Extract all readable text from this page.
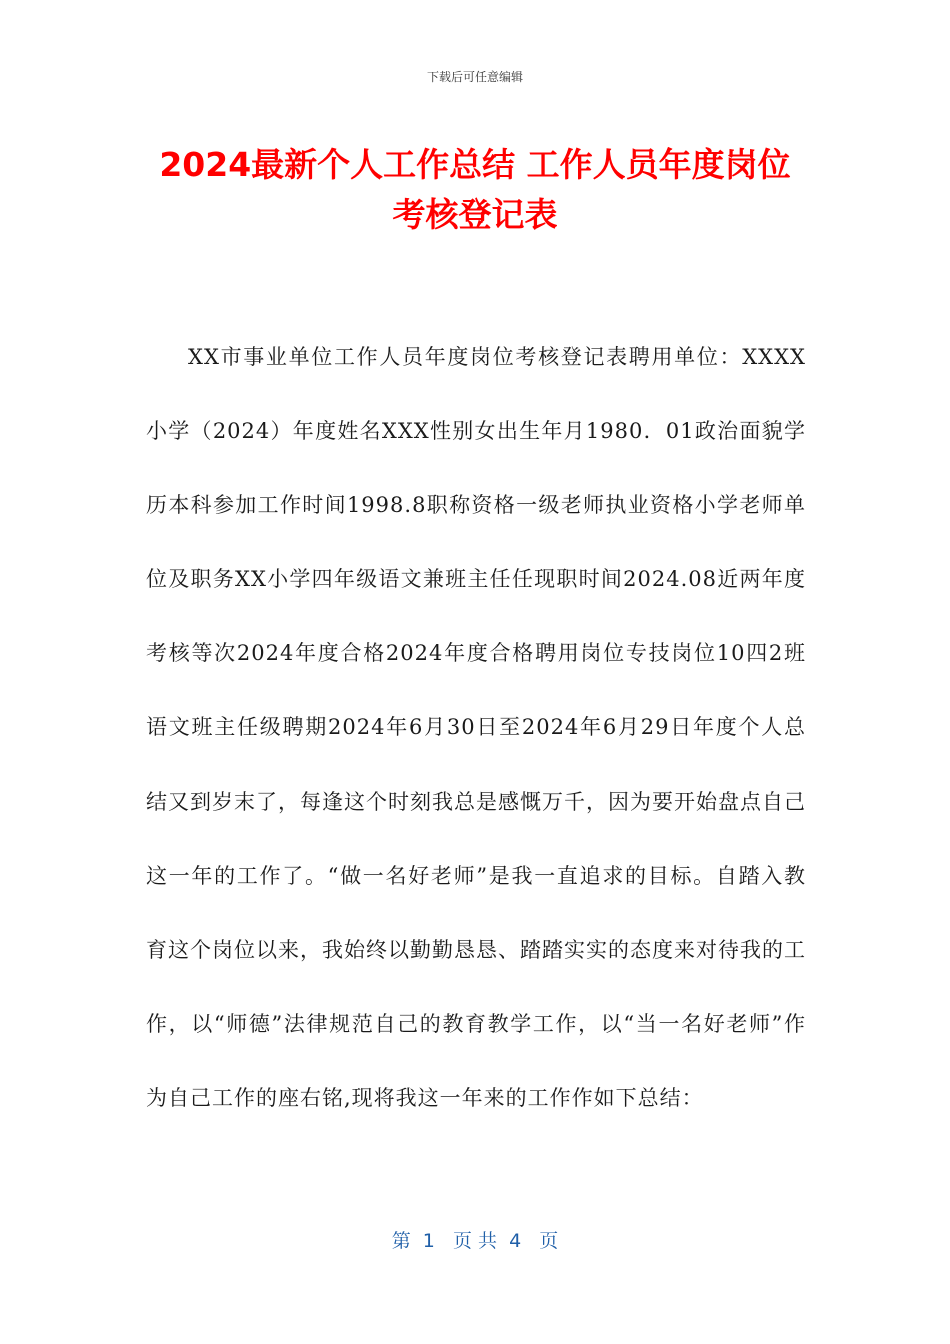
下载后可任意编辑
2024最新个人工作总结 工作人员年度岗位
考核登记表

XX市事业单位工作人员年度岗位考核登记表聘用单位：XXXX小学（2024）年度姓名XXX性别女出生年月1980．01政治面貌学历本科参加工作时间1998.8职称资格一级老师执业资格小学老师单位及职务XX小学四年级语文兼班主任任现职时间2024.08近两年度考核等次2024年度合格2024年度合格聘用岗位专技岗位10四2班语文班主任级聘期2024年6月30日至2024年6月29日年度个人总结又到岁末了，每逢这个时刻我总是感慨万千，因为要开始盘点自己这一年的工作了。“做一名好老师”是我一直追求的目标。自踏入教育这个岗位以来，我始终以勤勤恳恳、踏踏实实的态度来对待我的工作，以“师德”法律规范自己的教育教学工作，以“当一名好老师”作为自己工作的座右铭,现将我这一年来的工作作如下总结：

第  1   页 共  4   页
